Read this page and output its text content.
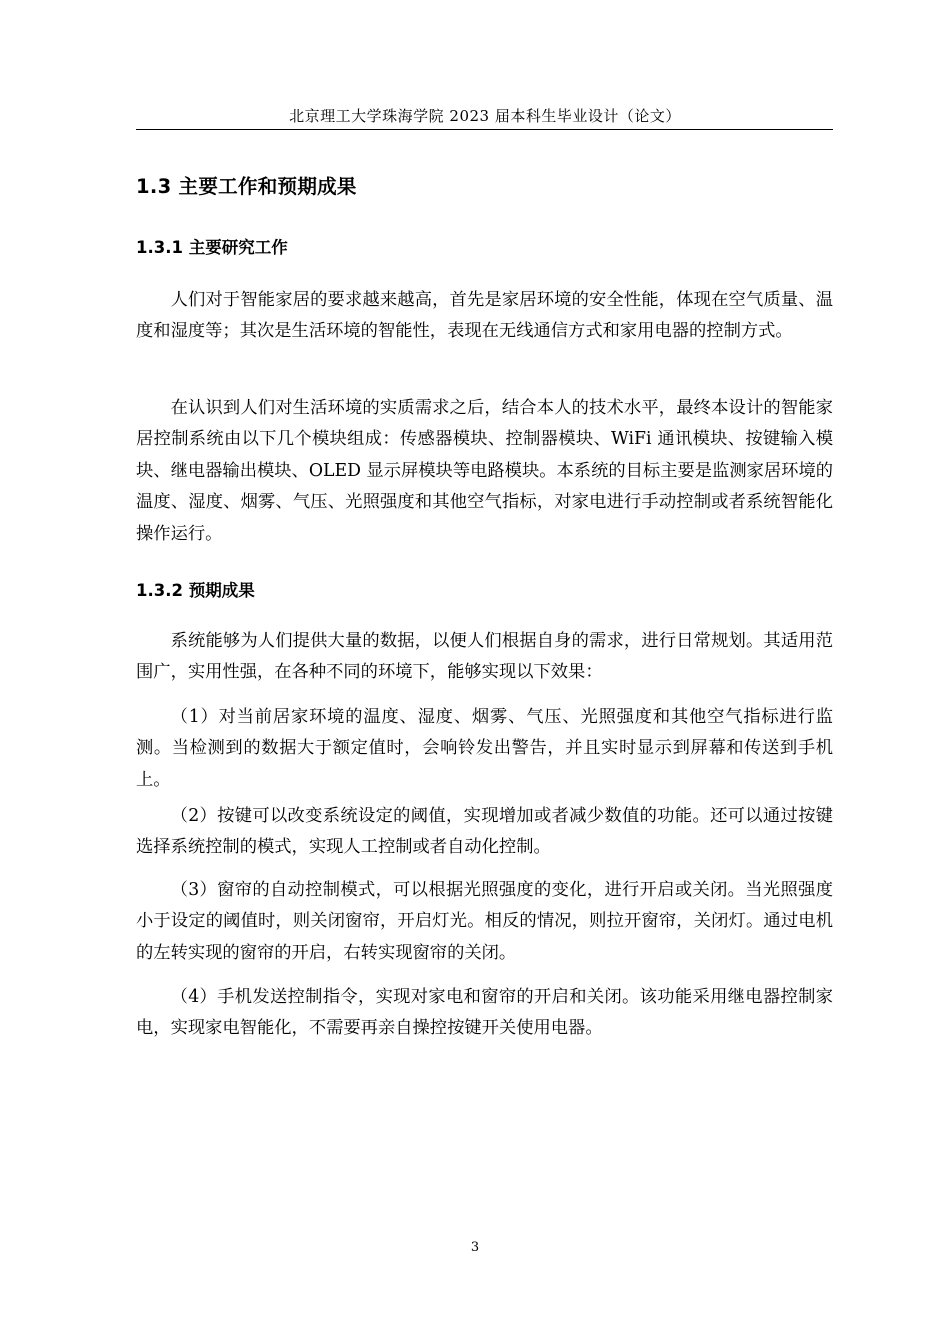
北京理工大学珠海学院 2023 届本科生毕业设计（论文）
1.3 主要工作和预期成果
1.3.1 主要研究工作

人们对于智能家居的要求越来越高，首先是家居环境的安全性能，体现在空气质量、温度和湿度等；其次是生活环境的智能性，表现在无线通信方式和家用电器的控制方式。

在认识到人们对生活环境的实质需求之后，结合本人的技术水平，最终本设计的智能家居控制系统由以下几个模块组成：传感器模块、控制器模块、WiFi 通讯模块、按键输入模块、继电器输出模块、OLED 显示屏模块等电路模块。本系统的目标主要是监测家居环境的温度、湿度、烟雾、气压、光照强度和其他空气指标，对家电进行手动控制或者系统智能化操作运行。

1.3.2 预期成果

系统能够为人们提供大量的数据，以便人们根据自身的需求，进行日常规划。其适用范围广，实用性强，在各种不同的环境下，能够实现以下效果：

（1）对当前居家环境的温度、湿度、烟雾、气压、光照强度和其他空气指标进行监测。当检测到的数据大于额定值时，会响铃发出警告，并且实时显示到屏幕和传送到手机上。

（2）按键可以改变系统设定的阈值，实现增加或者减少数值的功能。还可以通过按键选择系统控制的模式，实现人工控制或者自动化控制。

（3）窗帘的自动控制模式，可以根据光照强度的变化，进行开启或关闭。当光照强度小于设定的阈值时，则关闭窗帘，开启灯光。相反的情况，则拉开窗帘，关闭灯。通过电机的左转实现的窗帘的开启，右转实现窗帘的关闭。

（4）手机发送控制指令，实现对家电和窗帘的开启和关闭。该功能采用继电器控制家电，实现家电智能化，不需要再亲自操控按键开关使用电器。

3
